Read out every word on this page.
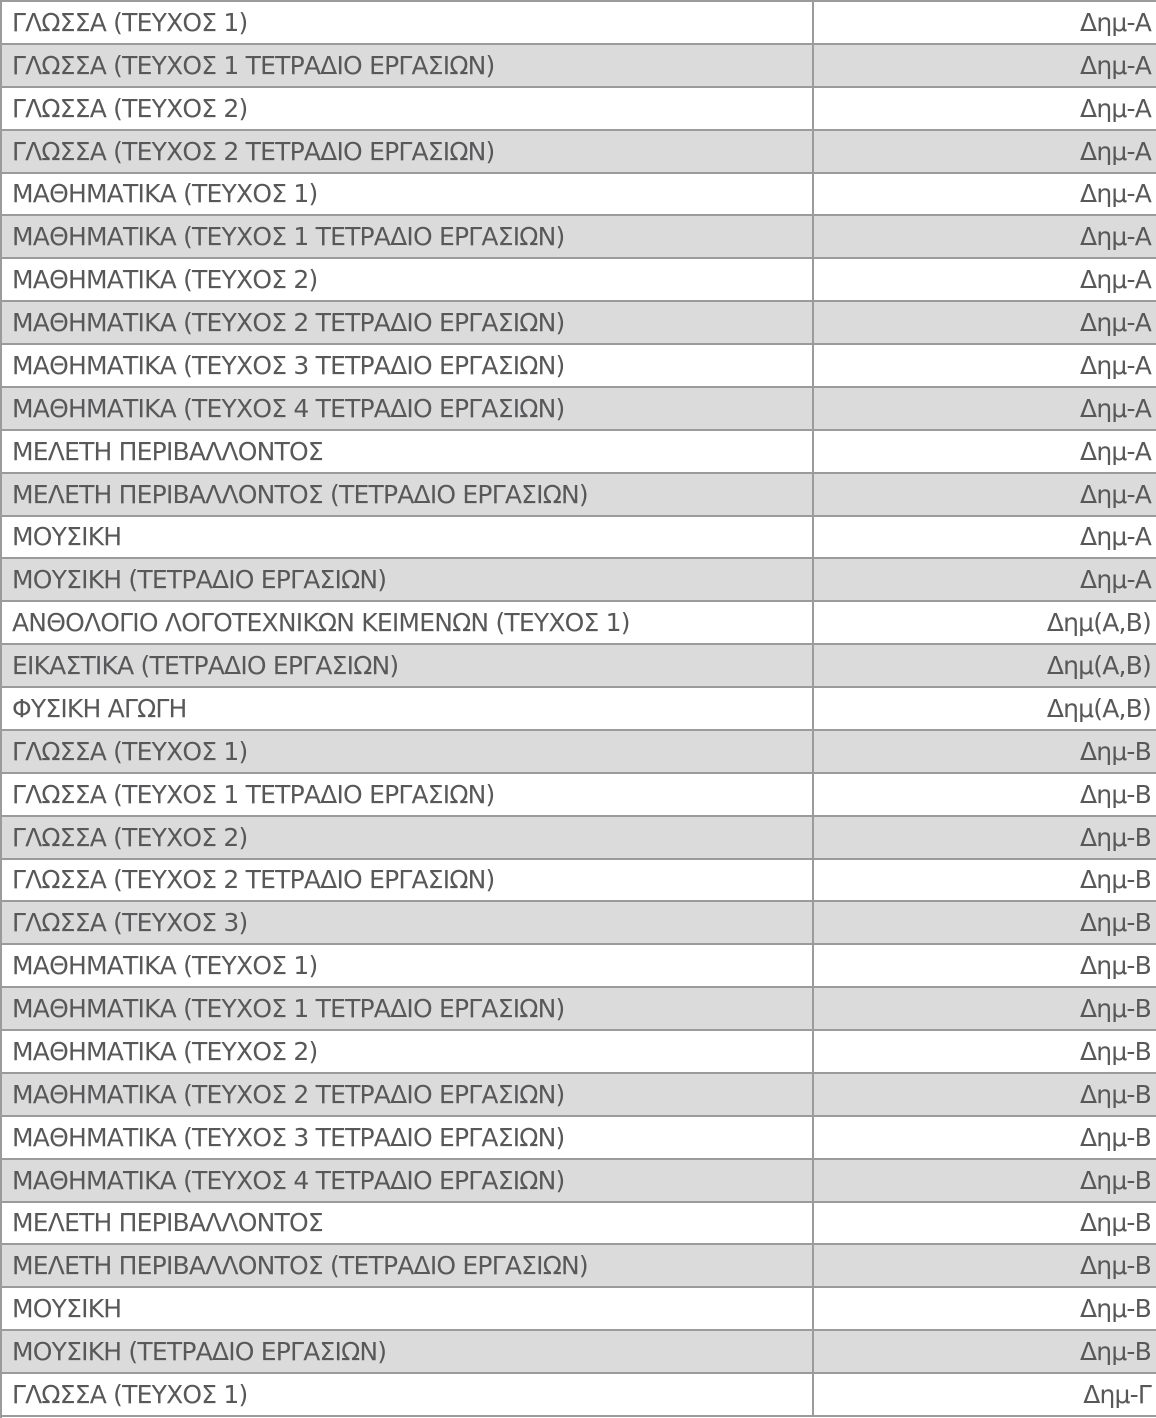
ΓΛΩΣΣΑ (ΤΕΥΧΟΣ 1)	Δημ-Α
ΓΛΩΣΣΑ (ΤΕΥΧΟΣ 1 ΤΕΤΡΑΔΙΟ ΕΡΓΑΣΙΩΝ)	Δημ-Α
ΓΛΩΣΣΑ (ΤΕΥΧΟΣ 2)	Δημ-Α
ΓΛΩΣΣΑ (ΤΕΥΧΟΣ 2 ΤΕΤΡΑΔΙΟ ΕΡΓΑΣΙΩΝ)	Δημ-Α
ΜΑΘΗΜΑΤΙΚΑ (ΤΕΥΧΟΣ 1)	Δημ-Α
ΜΑΘΗΜΑΤΙΚΑ (ΤΕΥΧΟΣ 1 ΤΕΤΡΑΔΙΟ ΕΡΓΑΣΙΩΝ)	Δημ-Α
ΜΑΘΗΜΑΤΙΚΑ (ΤΕΥΧΟΣ 2)	Δημ-Α
ΜΑΘΗΜΑΤΙΚΑ (ΤΕΥΧΟΣ 2 ΤΕΤΡΑΔΙΟ ΕΡΓΑΣΙΩΝ)	Δημ-Α
ΜΑΘΗΜΑΤΙΚΑ (ΤΕΥΧΟΣ 3 ΤΕΤΡΑΔΙΟ ΕΡΓΑΣΙΩΝ)	Δημ-Α
ΜΑΘΗΜΑΤΙΚΑ (ΤΕΥΧΟΣ 4 ΤΕΤΡΑΔΙΟ ΕΡΓΑΣΙΩΝ)	Δημ-Α
ΜΕΛΕΤΗ ΠΕΡΙΒΑΛΛΟΝΤΟΣ	Δημ-Α
ΜΕΛΕΤΗ ΠΕΡΙΒΑΛΛΟΝΤΟΣ (ΤΕΤΡΑΔΙΟ ΕΡΓΑΣΙΩΝ)	Δημ-Α
ΜΟΥΣΙΚΗ	Δημ-Α
ΜΟΥΣΙΚΗ (ΤΕΤΡΑΔΙΟ ΕΡΓΑΣΙΩΝ)	Δημ-Α
ΑΝΘΟΛΟΓΙΟ ΛΟΓΟΤΕΧΝΙΚΩΝ ΚΕΙΜΕΝΩΝ (ΤΕΥΧΟΣ 1)	Δημ(Α,Β)
ΕΙΚΑΣΤΙΚΑ (ΤΕΤΡΑΔΙΟ ΕΡΓΑΣΙΩΝ)	Δημ(Α,Β)
ΦΥΣΙΚΗ ΑΓΩΓΗ	Δημ(Α,Β)
ΓΛΩΣΣΑ (ΤΕΥΧΟΣ 1)	Δημ-Β
ΓΛΩΣΣΑ (ΤΕΥΧΟΣ 1 ΤΕΤΡΑΔΙΟ ΕΡΓΑΣΙΩΝ)	Δημ-Β
ΓΛΩΣΣΑ (ΤΕΥΧΟΣ 2)	Δημ-Β
ΓΛΩΣΣΑ (ΤΕΥΧΟΣ 2 ΤΕΤΡΑΔΙΟ ΕΡΓΑΣΙΩΝ)	Δημ-Β
ΓΛΩΣΣΑ (ΤΕΥΧΟΣ 3)	Δημ-Β
ΜΑΘΗΜΑΤΙΚΑ (ΤΕΥΧΟΣ 1)	Δημ-Β
ΜΑΘΗΜΑΤΙΚΑ (ΤΕΥΧΟΣ 1 ΤΕΤΡΑΔΙΟ ΕΡΓΑΣΙΩΝ)	Δημ-Β
ΜΑΘΗΜΑΤΙΚΑ (ΤΕΥΧΟΣ 2)	Δημ-Β
ΜΑΘΗΜΑΤΙΚΑ (ΤΕΥΧΟΣ 2 ΤΕΤΡΑΔΙΟ ΕΡΓΑΣΙΩΝ)	Δημ-Β
ΜΑΘΗΜΑΤΙΚΑ (ΤΕΥΧΟΣ 3 ΤΕΤΡΑΔΙΟ ΕΡΓΑΣΙΩΝ)	Δημ-Β
ΜΑΘΗΜΑΤΙΚΑ (ΤΕΥΧΟΣ 4 ΤΕΤΡΑΔΙΟ ΕΡΓΑΣΙΩΝ)	Δημ-Β
ΜΕΛΕΤΗ ΠΕΡΙΒΑΛΛΟΝΤΟΣ	Δημ-Β
ΜΕΛΕΤΗ ΠΕΡΙΒΑΛΛΟΝΤΟΣ (ΤΕΤΡΑΔΙΟ ΕΡΓΑΣΙΩΝ)	Δημ-Β
ΜΟΥΣΙΚΗ	Δημ-Β
ΜΟΥΣΙΚΗ (ΤΕΤΡΑΔΙΟ ΕΡΓΑΣΙΩΝ)	Δημ-Β
ΓΛΩΣΣΑ (ΤΕΥΧΟΣ 1)	Δημ-Γ
